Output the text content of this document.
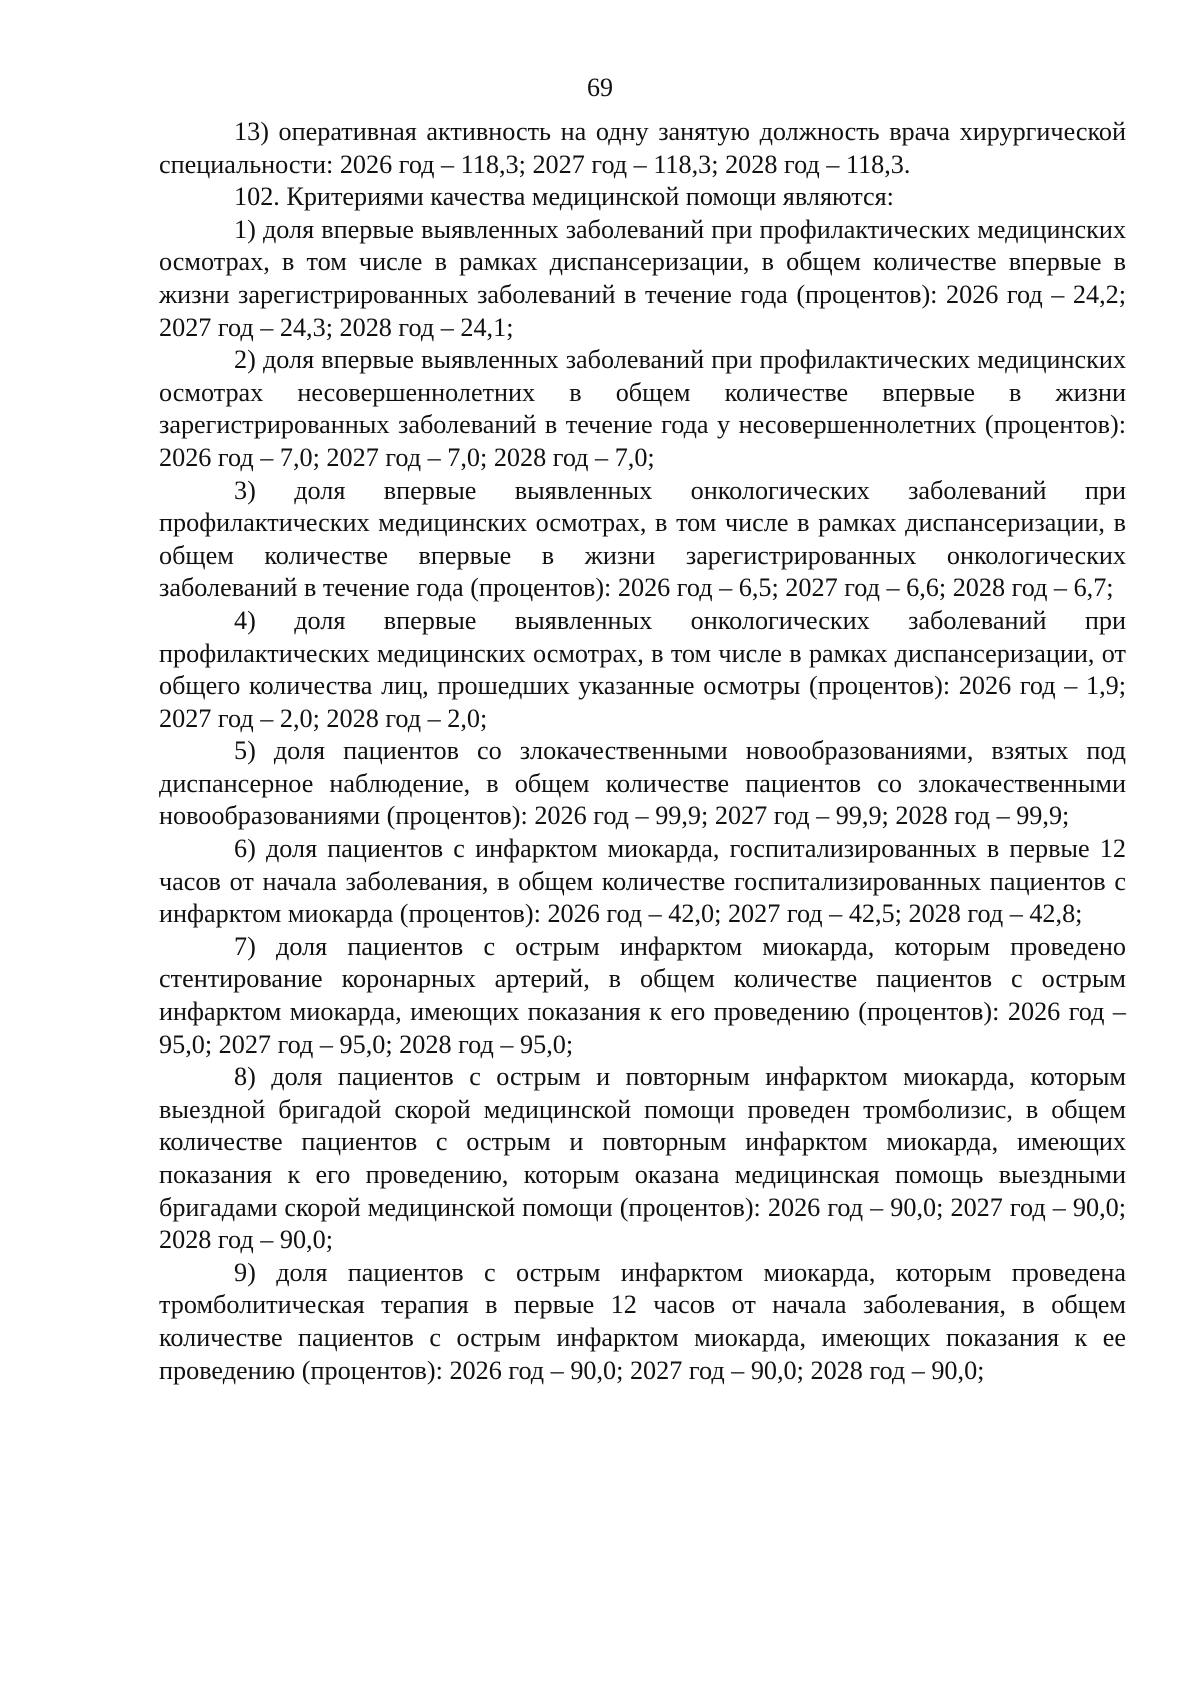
69

13) оперативная активность на одну занятую должность врача хирургической специальности: 2026 год – 118,3; 2027 год – 118,3; 2028 год – 118,3.

102. Критериями качества медицинской помощи являются:

1) доля впервые выявленных заболеваний при профилактических медицинских осмотрах, в том числе в рамках диспансеризации, в общем количестве впервые в жизни зарегистрированных заболеваний в течение года (процентов): 2026 год – 24,2; 2027 год – 24,3; 2028 год – 24,1;

2) доля впервые выявленных заболеваний при профилактических медицинских осмотрах несовершеннолетних в общем количестве впервые в жизни зарегистрированных заболеваний в течение года у несовершеннолетних (процентов): 2026 год – 7,0; 2027 год – 7,0; 2028 год – 7,0;

3) доля впервые выявленных онкологических заболеваний при профилактических медицинских осмотрах, в том числе в рамках диспансеризации, в общем количестве впервые в жизни зарегистрированных онкологических заболеваний в течение года (процентов): 2026 год – 6,5; 2027 год – 6,6; 2028 год – 6,7;

4) доля впервые выявленных онкологических заболеваний при профилактических медицинских осмотрах, в том числе в рамках диспансеризации, от общего количества лиц, прошедших указанные осмотры (процентов): 2026 год – 1,9; 2027 год – 2,0; 2028 год – 2,0;

5) доля пациентов со злокачественными новообразованиями, взятых под диспансерное наблюдение, в общем количестве пациентов со злокачественными новообразованиями (процентов): 2026 год – 99,9; 2027 год – 99,9; 2028 год – 99,9;

6) доля пациентов с инфарктом миокарда, госпитализированных в первые 12 часов от начала заболевания, в общем количестве госпитализированных пациентов с инфарктом миокарда (процентов): 2026 год – 42,0; 2027 год – 42,5; 2028 год – 42,8;

7) доля пациентов с острым инфарктом миокарда, которым проведено стентирование коронарных артерий, в общем количестве пациентов с острым инфарктом миокарда, имеющих показания к его проведению (процентов): 2026 год – 95,0; 2027 год – 95,0; 2028 год – 95,0;

8) доля пациентов с острым и повторным инфарктом миокарда, которым выездной бригадой скорой медицинской помощи проведен тромболизис, в общем количестве пациентов с острым и повторным инфарктом миокарда, имеющих показания к его проведению, которым оказана медицинская помощь выездными бригадами скорой медицинской помощи (процентов): 2026 год – 90,0; 2027 год – 90,0; 2028 год – 90,0;

9) доля пациентов с острым инфарктом миокарда, которым проведена тромболитическая терапия в первые 12 часов от начала заболевания, в общем количестве пациентов с острым инфарктом миокарда, имеющих показания к ее проведению (процентов): 2026 год – 90,0; 2027 год – 90,0; 2028 год – 90,0;
